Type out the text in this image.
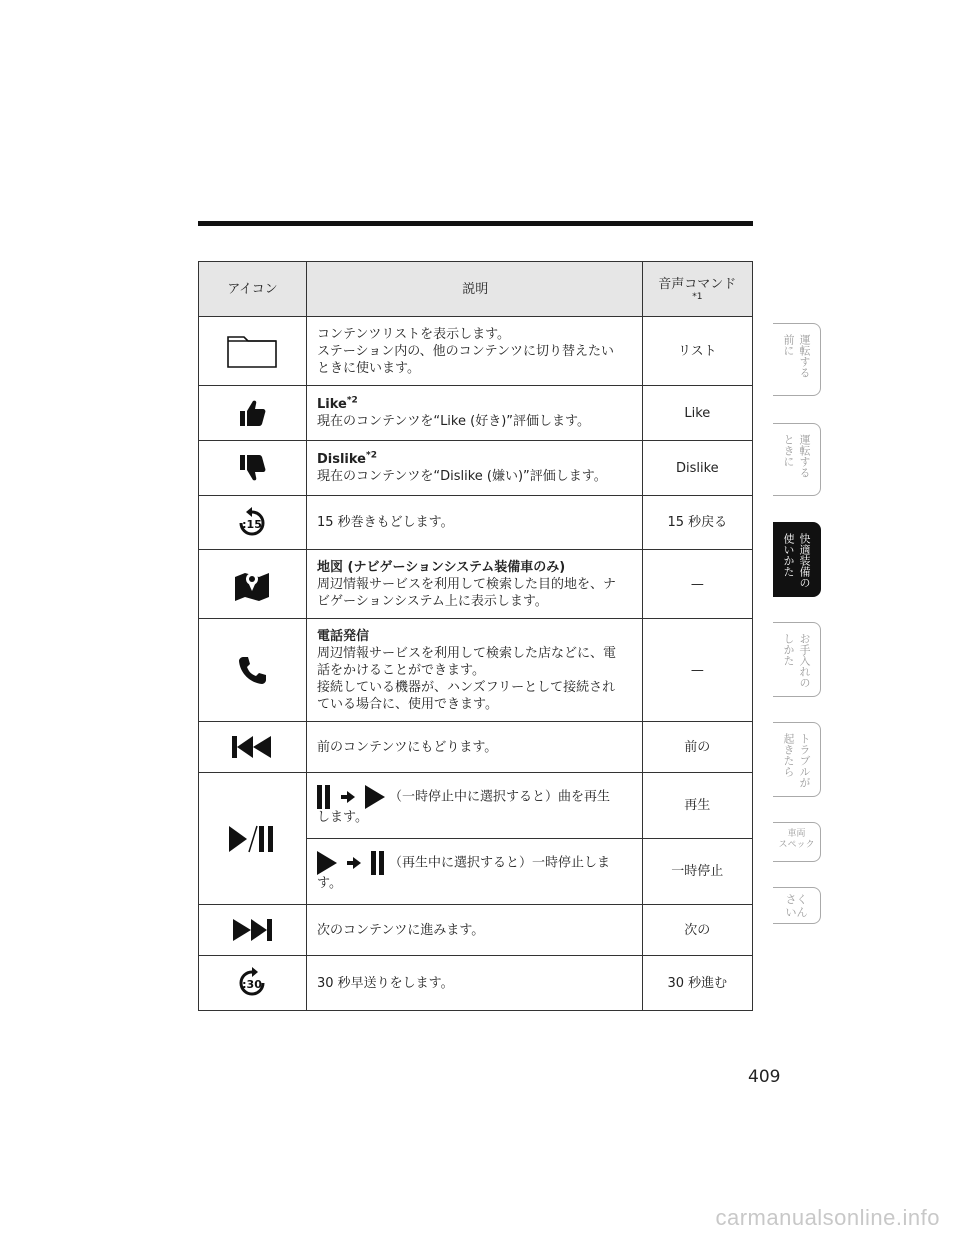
アイコン	説明	音声コマンド
*1

コンテンツリストを表示します。
ステーション内の、他のコンテンツに切り替えたい
ときに使います。	リスト

Like$^{*2}$
現在のコンテンツを“Like (好き)”評価します。	Like

Dislike$^{*2}$
現在のコンテンツを“Dislike (嫌い)”評価します。	Dislike

:15	15 秒巻きもどします。	15 秒戻る

地図 (ナビゲーションシステム装備車のみ)
周辺情報サービスを利用して検索した目的地を、ナ
ビゲーションシステム上に表示します。	—

電話発信
周辺情報サービスを利用して検索した店などに、電
話をかけることができます。
接続している機器が、ハンズフリーとして接続され
ている場合に、使用できます。	—

	前のコンテンツにもどります。	前の

（一時停止中に選択すると）曲を再生
します。	再生

（再生中に選択すると）一時停止しま
す。	一時停止

	次のコンテンツに進みます。	次の

:30	30 秒早送りをします。	30 秒進む
運転する
前に
運転する
ときに
快適装備の
使いかた
お手入れの
しかた
トラブルが
起きたら
車両
スペック
さく
いん
409
carmanualsonline.info
